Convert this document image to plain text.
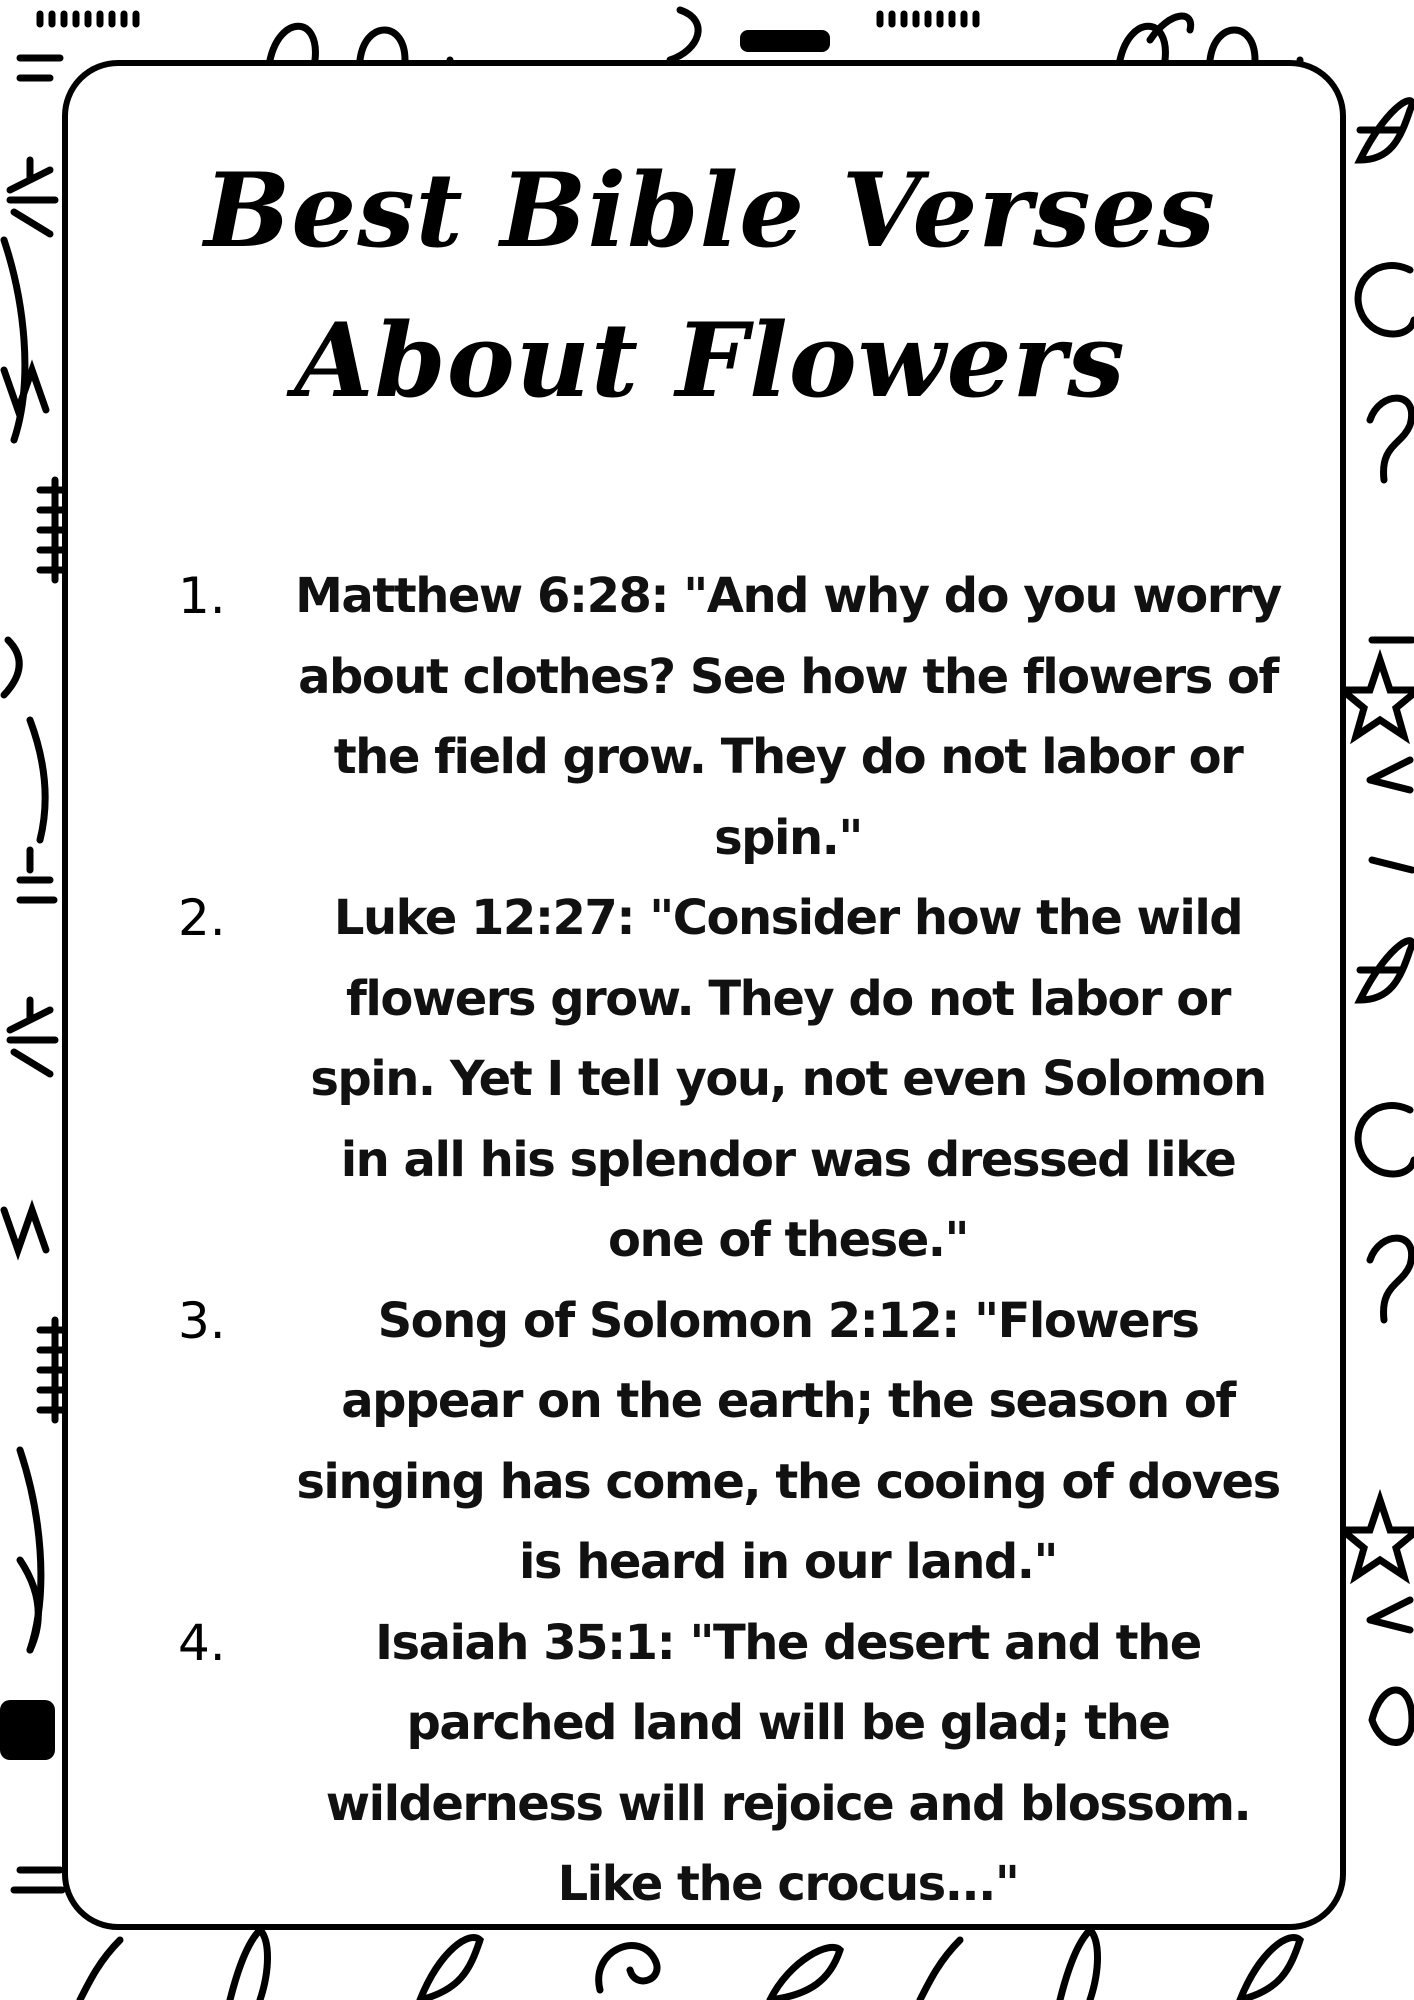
Best Bible Verses
About Flowers
1.	Matthew 6:28: "And why do you worry about clothes? See how the flowers of the field grow. They do not labor or spin."
2.	Luke 12:27: "Consider how the wild flowers grow. They do not labor or spin. Yet I tell you, not even Solomon in all his splendor was dressed like one of these."
3.	Song of Solomon 2:12: "Flowers appear on the earth; the season of singing has come, the cooing of doves is heard in our land."
4.	Isaiah 35:1: "The desert and the parched land will be glad; the wilderness will rejoice and blossom. Like the crocus..."
